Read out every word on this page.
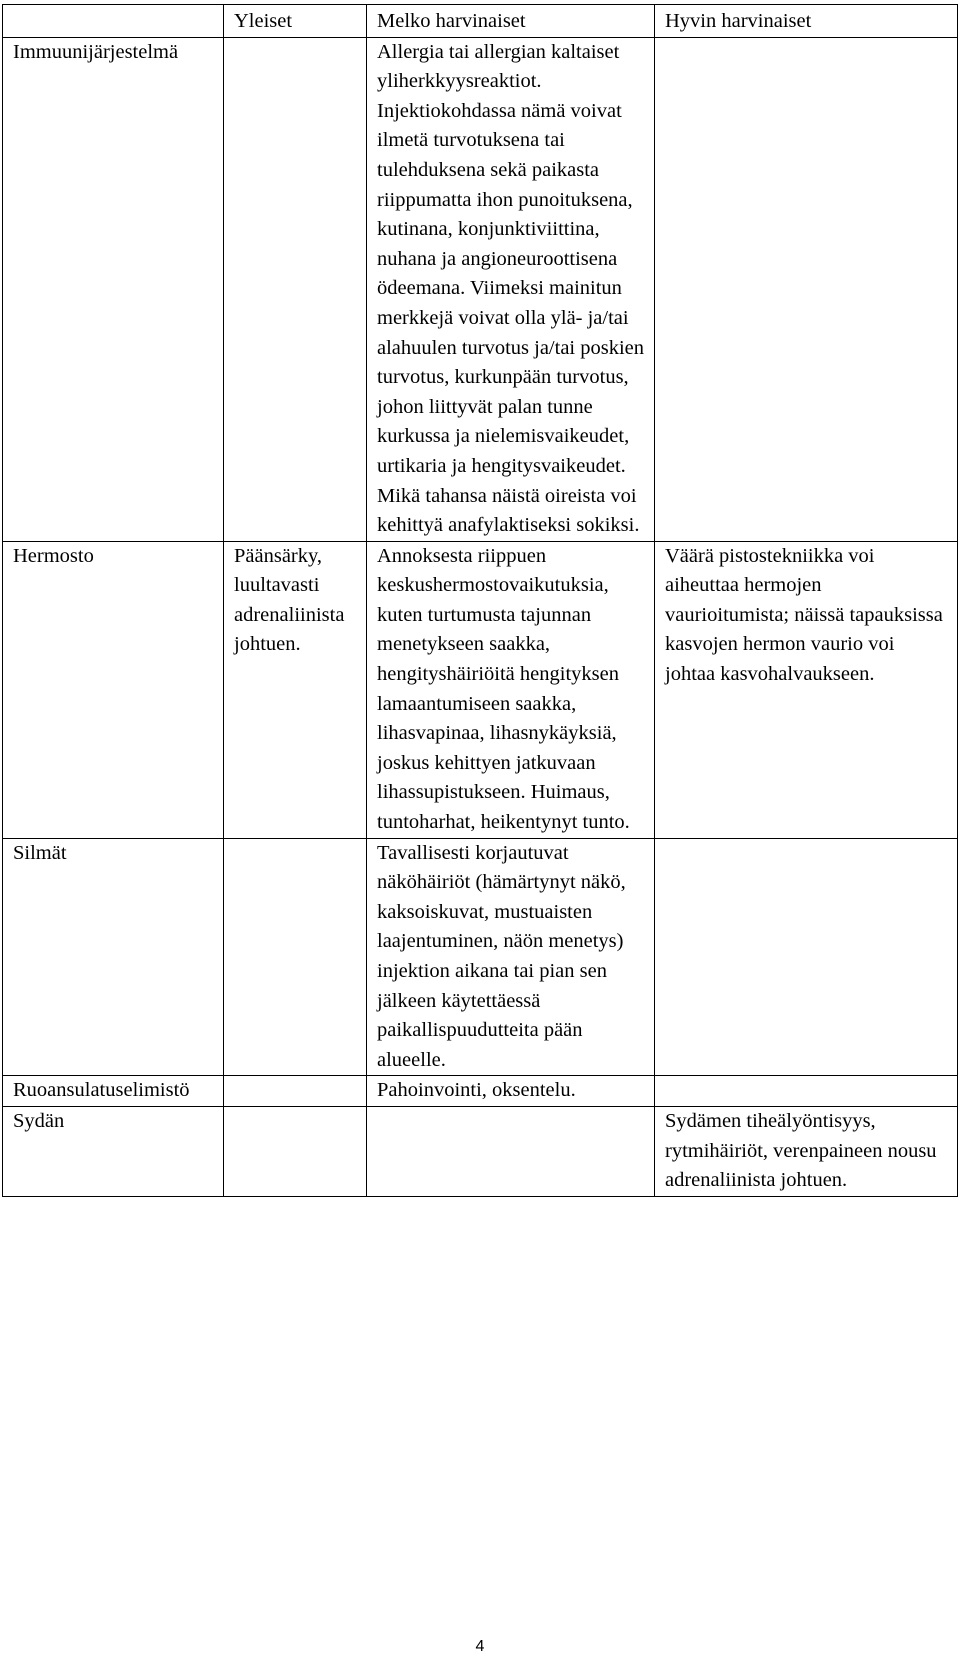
	Yleiset	Melko harvinaiset	Hyvin harvinaiset

Immuunijärjestelmä		Allergia tai allergian kaltaiset yliherkkyysreaktiot. Injektiokohdassa nämä voivat ilmetä turvotuksena tai tulehduksena sekä paikasta riippumatta ihon punoituksena, kutinana, konjunktiviittina, nuhana ja angioneuroottisena ödeemana. Viimeksi mainitun merkkejä voivat olla ylä- ja/tai alahuulen turvotus ja/tai poskien turvotus, kurkunpään turvotus, johon liittyvät palan tunne kurkussa ja nielemisvaikeudet, urtikaria ja hengitysvaikeudet. Mikä tahansa näistä oireista voi kehittyä anafylaktiseksi sokiksi.	

Hermosto	Päänsärky, luultavasti adrenaliinista johtuen.	Annoksesta riippuen keskushermostovaikutuksia, kuten turtumusta tajunnan menetykseen saakka, hengityshäiriöitä hengityksen lamaantumiseen saakka, lihasvapinaa, lihasnykäyksiä, joskus kehittyen jatkuvaan lihassupistukseen. Huimaus, tuntoharhat, heikentynyt tunto.	Väärä pistostekniikka voi aiheuttaa hermojen vaurioitumista; näissä tapauksissa kasvojen hermon vaurio voi johtaa kasvohalvaukseen.

Silmät		Tavallisesti korjautuvat näköhäiriöt (hämärtynyt näkö, kaksoiskuvat, mustuaisten laajentuminen, näön menetys) injektion aikana tai pian sen jälkeen käytettäessä paikallispuudutteita pään alueelle.	

Ruoansulatuselimistö		Pahoinvointi, oksentelu.	

Sydän			Sydämen tiheälyöntisyys, rytmihäiriöt, verenpaineen nousu adrenaliinista johtuen.
4
